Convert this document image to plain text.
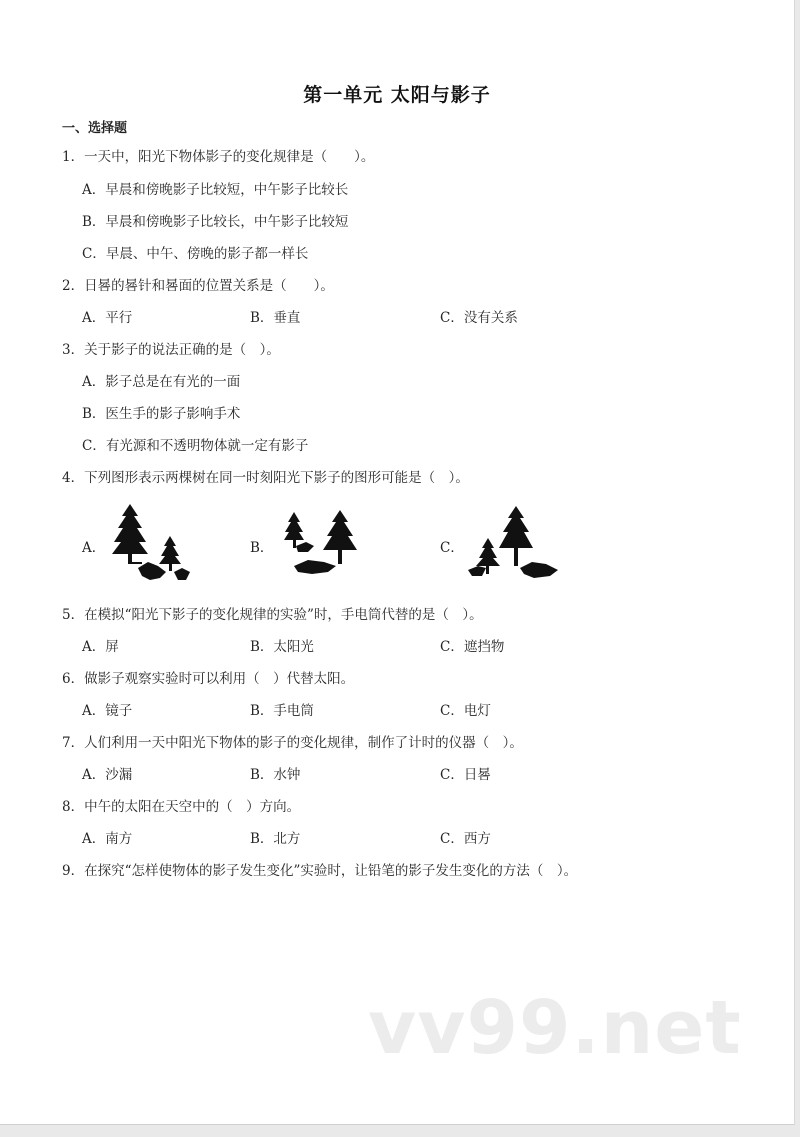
第一单元 太阳与影子
一、选择题
1．一天中，阳光下物体影子的变化规律是（　　）。
A．早晨和傍晚影子比较短，中午影子比较长
B．早晨和傍晚影子比较长，中午影子比较短
C．早晨、中午、傍晚的影子都一样长
2．日晷的晷针和晷面的位置关系是（　　）。
A．平行	B．垂直	C．没有关系
3．关于影子的说法正确的是（　）。
A．影子总是在有光的一面
B．医生手的影子影响手术
C．有光源和不透明物体就一定有影子
4．下列图形表示两棵树在同一时刻阳光下影子的图形可能是（　）。
A．	B．	C．
5．在模拟“阳光下影子的变化规律的实验”时，手电筒代替的是（　）。
A．屏	B．太阳光	C．遮挡物
6．做影子观察实验时可以利用（　）代替太阳。
A．镜子	B．手电筒	C．电灯
7．人们利用一天中阳光下物体的影子的变化规律，制作了计时的仪器（　）。
A．沙漏	B．水钟	C．日晷
8．中午的太阳在天空中的（　）方向。
A．南方	B．北方	C．西方
9．在探究“怎样使物体的影子发生变化”实验时，让铅笔的影子发生变化的方法（　）。
vv99.net
